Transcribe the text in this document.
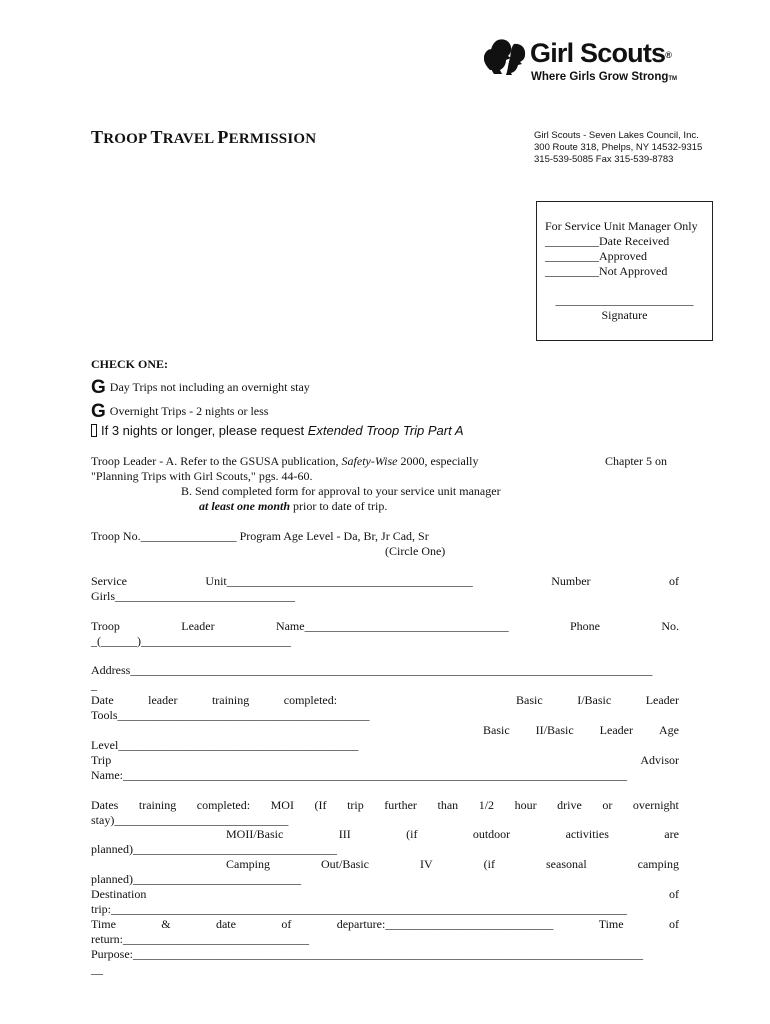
Girl Scouts®
Where Girls Grow StrongTM
TROOP TRAVEL PERMISSION	Girl Scouts - Seven Lakes Council, Inc.
300 Route 318, Phelps, NY 14532-9315
315-539-5085 Fax 315-539-8783
For Service Unit Manager Only
_________Date Received
_________Approved
_________Not Approved
_______________________
Signature
CHECK ONE:
G Day Trips not including an overnight stay
G Overnight Trips - 2 nights or less
If 3 nights or longer, please request Extended Troop Trip Part A
Troop Leader - A. Refer to the GSUSA publication, Safety-Wise 2000, especially	Chapter 5 on
"Planning Trips with Girl Scouts," pgs. 44-60.
B. Send completed form for approval to your service unit manager
at least one month prior to date of trip.
Troop No.________________ Program Age Level - Da, Br, Jr Cad, Sr
(Circle One)
Service	Unit_________________________________________	Number	of
Girls______________________________
Troop	Leader	Name__________________________________	Phone	No.
_(______)_________________________
Address_______________________________________________________________________________________
_
Date	leader	training	completed:	Basic	I/Basic	Leader
Tools__________________________________________
Basic II/Basic Leader Age
Level________________________________________
Trip	Advisor
Name:____________________________________________________________________________________
Dates training completed: MOI (If trip further than 1/2 hour drive or overnight
stay)_____________________________
MOII/Basic	III	(if	outdoor	activities	are
planned)__________________________________
Camping	Out/Basic	IV	(if	seasonal	camping
planned)____________________________
Destination	of
trip:______________________________________________________________________________________
Time	&	date	of	departure:____________________________	Time	of
return:_______________________________
Purpose:_____________________________________________________________________________________
__
